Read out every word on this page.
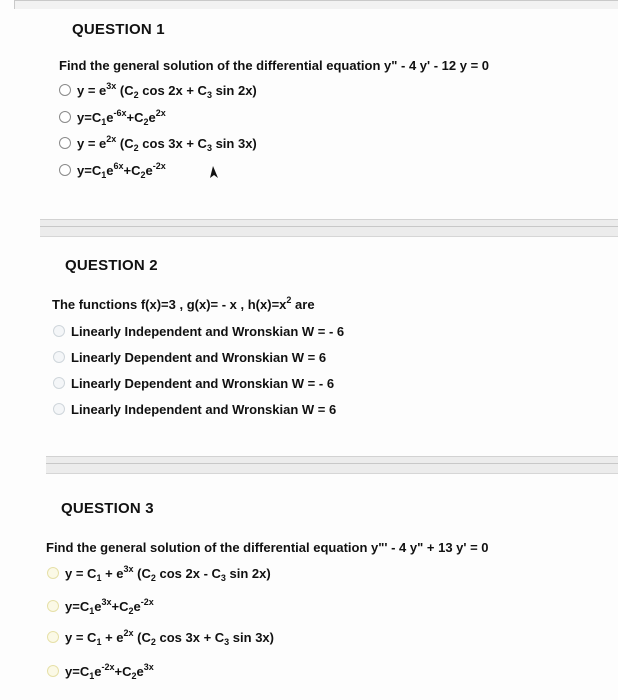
QUESTION 1
Find the general solution of the differential equation y" - 4 y' - 12 y = 0
$y = e^{3x}$ ($C_2$ $\cos 2x + C_3$ sin 2x)
$y=C_1e^{-6x}+C_2e^{2x}$
$y = e^{2x}$ ($C_2$ $\cos 3x + C_3$ sin 3x)
$y=C_1e^{6x}+C_2e^{-2x}$
QUESTION 2
The functions f(x)=3 , g(x)= - x , $h(x)=x^2$ are
Linearly Independent and Wronskian W = - 6
Linearly Dependent and Wronskian W = 6
Linearly Dependent and Wronskian W = - 6
Linearly Independent and Wronskian W = 6
QUESTION 3
Find the general solution of the differential equation y"' - 4 y" + 13 y' = 0
$y = C_1 + e^{3x}$ ($C_2$ $\cos 2x - C_3$ sin 2x)
$y=C_1e^{3x}+C_2e^{-2x}$
$y = C_1 + e^{2x}$ ($C_2$ $\cos 3x + C_3$ sin 3x)
$y=C_1e^{-2x}+C_2e^{3x}$
